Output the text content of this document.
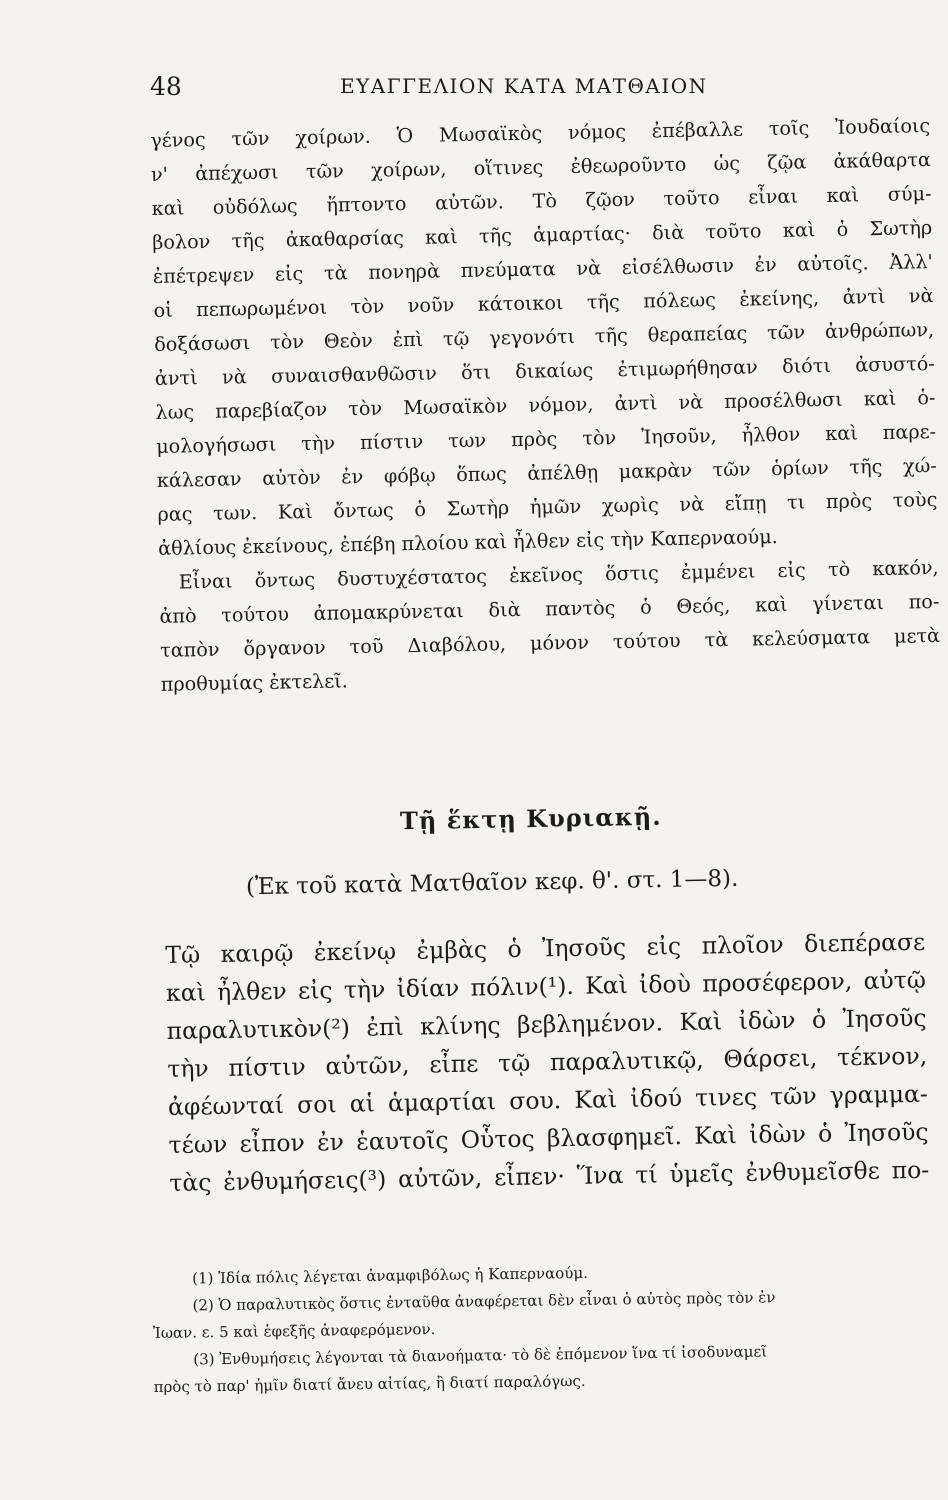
48	ΕΥΑΓΓΕΛΙΟΝ ΚΑΤΑ ΜΑΤΘΑΙΟΝ

γένος τῶν χοίρων. Ὁ Μωσαϊκὸς νόμος ἐπέβαλλε τοῖς Ἰουδαίοις

ν' ἀπέχωσι τῶν χοίρων, οἵτινες ἐθεωροῦντο ὡς ζῷα ἀκάθαρτα

καὶ οὐδόλως ἥπτοντο αὐτῶν. Τὸ ζῷον τοῦτο εἶναι καὶ σύμ-

βολον τῆς ἀκαθαρσίας καὶ τῆς ἁμαρτίας· διὰ τοῦτο καὶ ὁ Σωτὴρ

ἐπέτρεψεν εἰς τὰ πονηρὰ πνεύματα νὰ εἰσέλθωσιν ἐν αὐτοῖς. Ἀλλ'

οἱ πεπωρωμένοι τὸν νοῦν κάτοικοι τῆς πόλεως ἐκείνης, ἀντὶ νὰ

δοξάσωσι τὸν Θεὸν ἐπὶ τῷ γεγονότι τῆς θεραπείας τῶν ἀνθρώπων,

ἀντὶ νὰ συναισθανθῶσιν ὅτι δικαίως ἐτιμωρήθησαν διότι ἀσυστό-

λως παρεβίαζον τὸν Μωσαϊκὸν νόμον, ἀντὶ νὰ προσέλθωσι καὶ ὁ-

μολογήσωσι τὴν πίστιν των πρὸς τὸν Ἰησοῦν, ἦλθον καὶ παρε-

κάλεσαν αὐτὸν ἐν φόβῳ ὅπως ἀπέλθῃ μακρὰν τῶν ὁρίων τῆς χώ-

ρας των. Καὶ ὄντως ὁ Σωτὴρ ἡμῶν χωρὶς νὰ εἴπῃ τι πρὸς τοὺς

ἀθλίους ἐκείνους, ἐπέβη πλοίου καὶ ἦλθεν εἰς τὴν Καπερναούμ.

Εἶναι ὄντως δυστυχέστατος ἐκεῖνος ὅστις ἐμμένει εἰς τὸ κακόν,

ἀπὸ τούτου ἀπομακρύνεται διὰ παντὸς ὁ Θεός, καὶ γίνεται πο-

ταπὸν ὄργανον τοῦ Διαβόλου, μόνον τούτου τὰ κελεύσματα μετὰ

προθυμίας ἐκτελεῖ.

Τῇ ἕκτῃ Κυριακῇ.
(Ἐκ τοῦ κατὰ Ματθαῖον κεφ. θ'. στ. 1—8).

Τῷ καιρῷ ἐκείνῳ ἐμβὰς ὁ Ἰησοῦς εἰς πλοῖον διεπέρασε

καὶ ἦλθεν εἰς τὴν ἰδίαν πόλιν(¹). Καὶ ἰδοὺ προσέφερον, αὐτῷ

παραλυτικὸν(²) ἐπὶ κλίνης βεβλημένον. Καὶ ἰδὼν ὁ Ἰησοῦς

τὴν πίστιν αὐτῶν, εἶπε τῷ παραλυτικῷ, Θάρσει, τέκνον,

ἀφέωνταί σοι αἱ ἁμαρτίαι σου. Καὶ ἰδού τινες τῶν γραμμα-

τέων εἶπον ἐν ἑαυτοῖς Οὗτος βλασφημεῖ. Καὶ ἰδὼν ὁ Ἰησοῦς

τὰς ἐνθυμήσεις(³) αὐτῶν, εἶπεν· Ἵνα τί ὑμεῖς ἐνθυμεῖσθε πο-

(1) Ἰδία πόλις λέγεται ἀναμφιβόλως ἡ Καπερναούμ.

(2) Ὁ παραλυτικὸς ὅστις ἐνταῦθα ἀναφέρεται δὲν εἶναι ὁ αὐτὸς πρὸς τὸν ἐν

Ἰωαν. ε. 5 καὶ ἑφεξῆς ἀναφερόμενον.

(3) Ἐνθυμήσεις λέγονται τὰ διανοήματα· τὸ δὲ ἑπόμενον ἵνα τί ἰσοδυναμεῖ

πρὸς τὸ παρ' ἡμῖν διατί ἄνευ αἰτίας, ἢ διατί παραλόγως.
